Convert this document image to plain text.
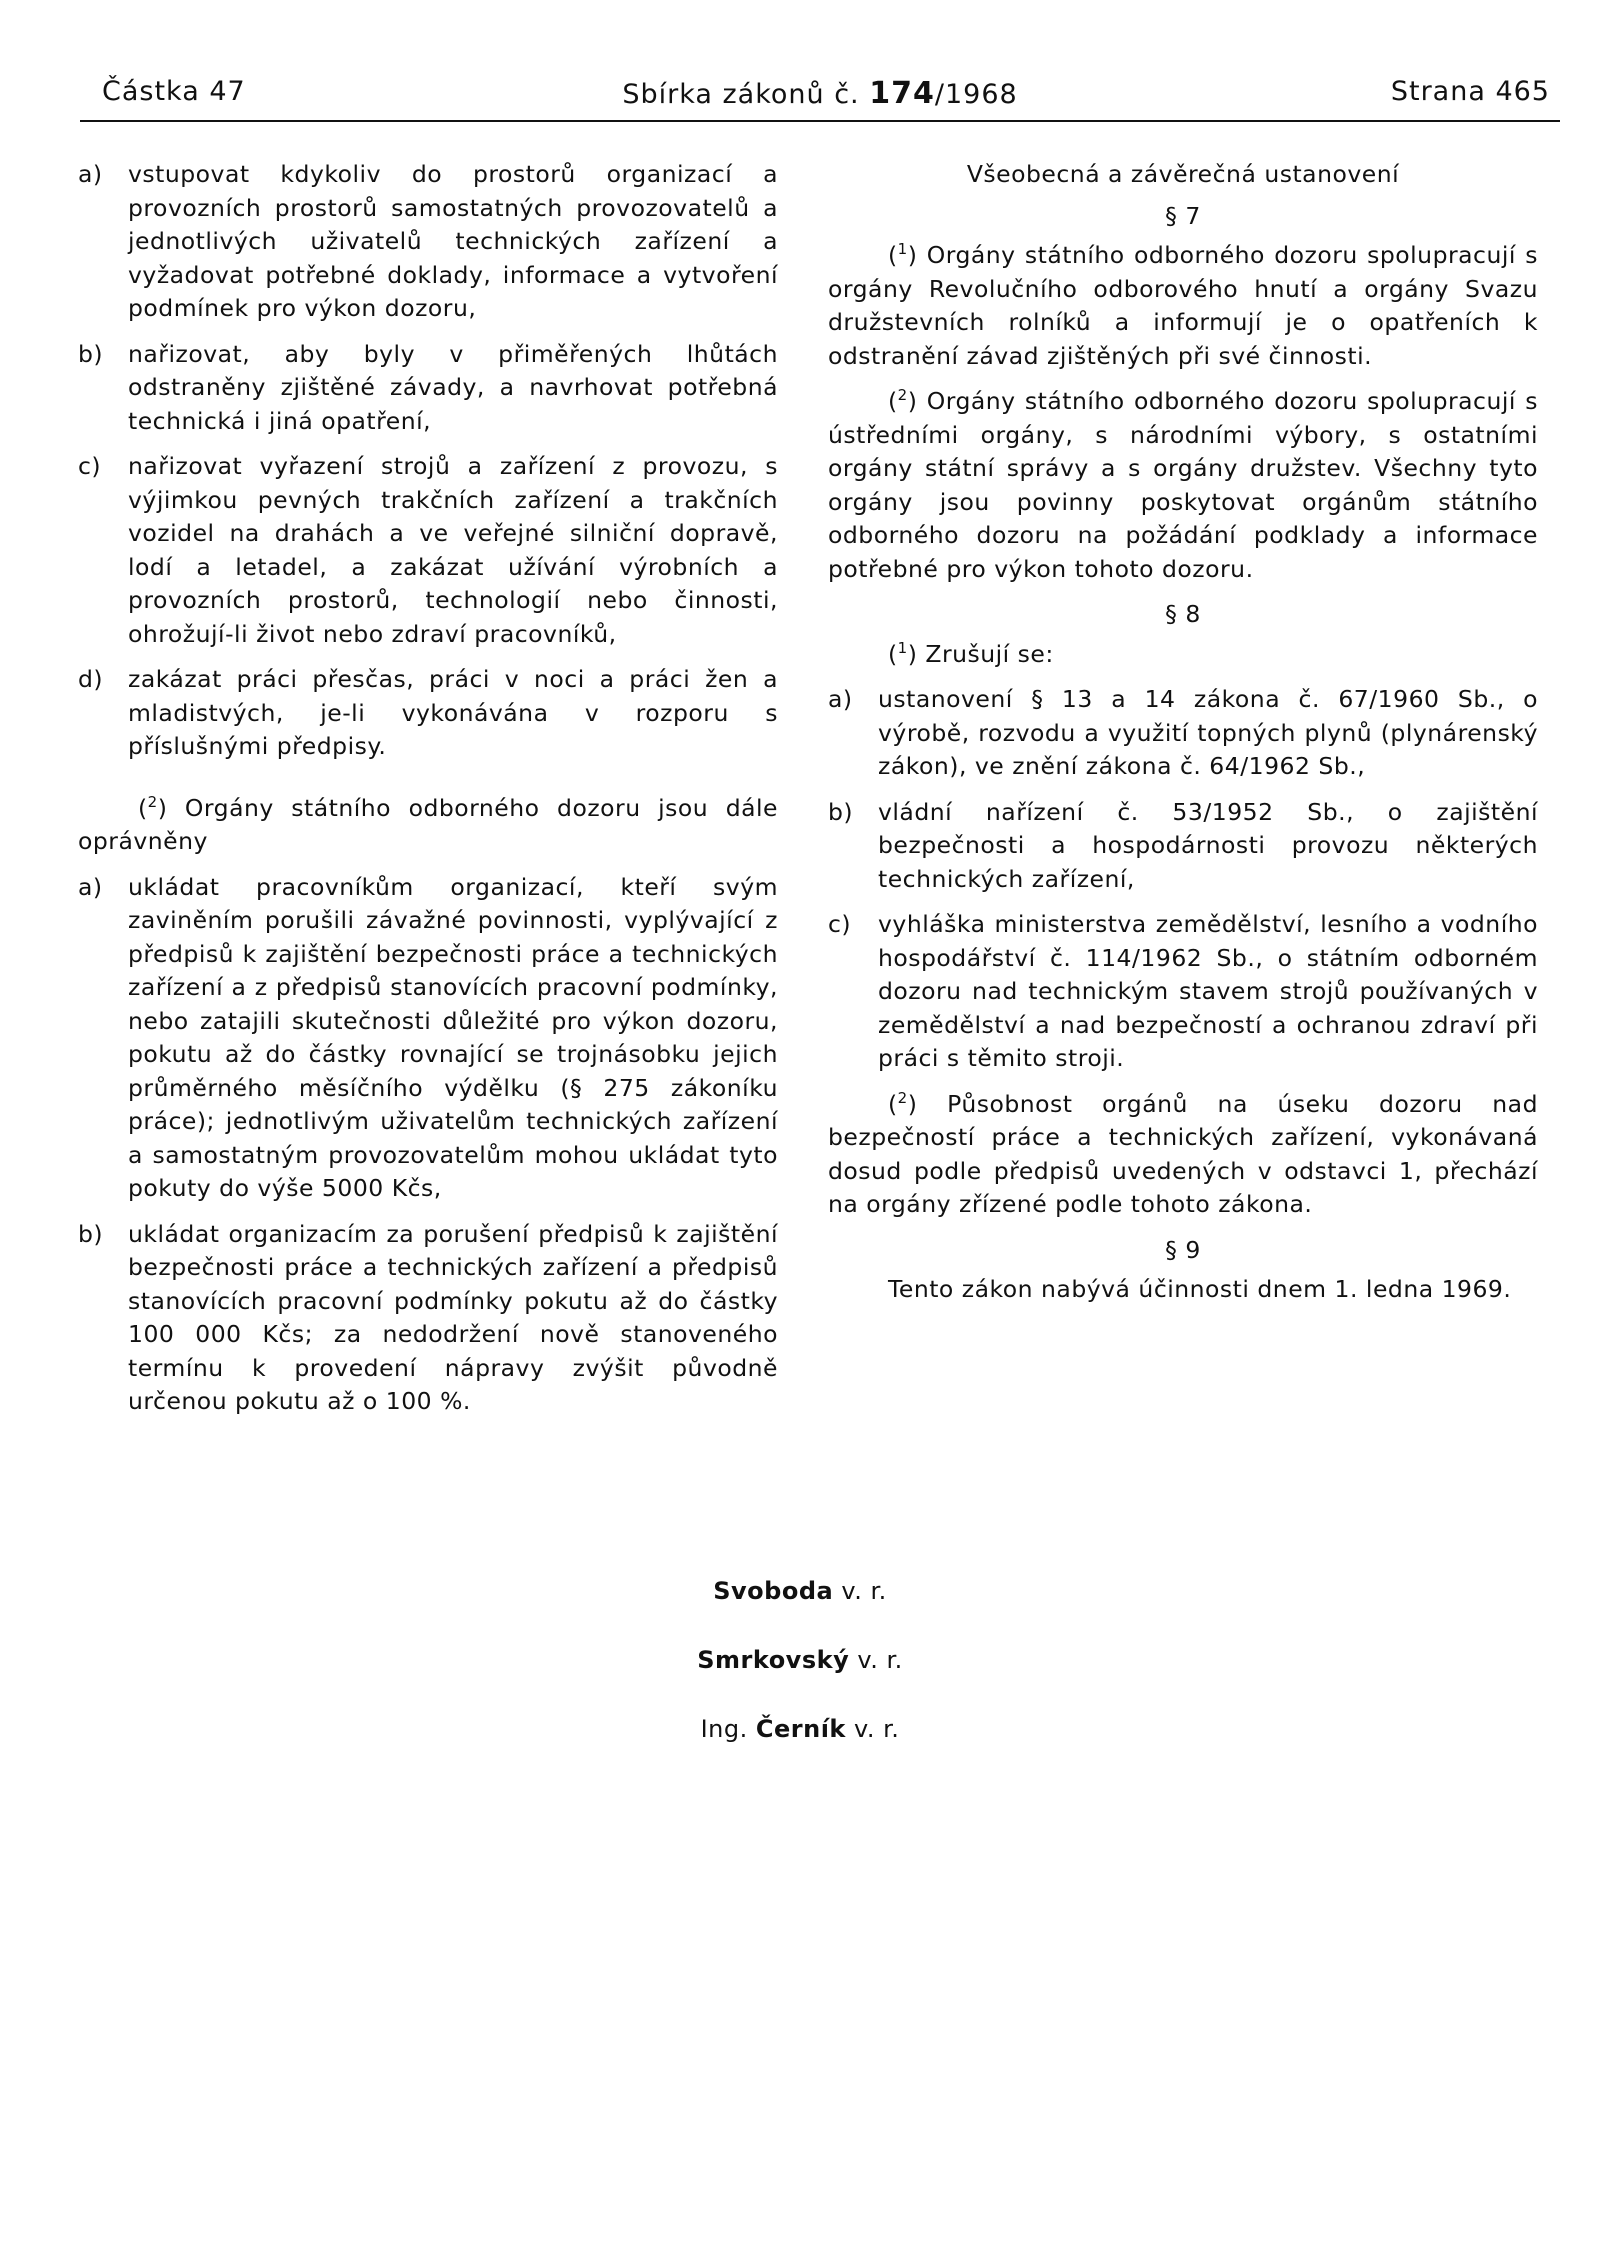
Částka 47	Sbírka zákonů č. 174/1968	Strana 465
a)	vstupovat kdykoliv do prostorů organizací a provozních prostorů samostatných provozovatelů a jednotlivých uživatelů technických zařízení a vyžadovat potřebné doklady, informace a vytvoření podmínek pro výkon dozoru,
b)	nařizovat, aby byly v přiměřených lhůtách odstraněny zjištěné závady, a navrhovat potřebná technická i jiná opatření,
c)	nařizovat vyřazení strojů a zařízení z provozu, s výjimkou pevných trakčních zařízení a trakčních vozidel na drahách a ve veřejné silniční dopravě, lodí a letadel, a zakázat užívání výrobních a provozních prostorů, technologií nebo činnosti, ohrožují-li život nebo zdraví pracovníků,
d)	zakázat práci přesčas, práci v noci a práci žen a mladistvých, je-li vykonávána v rozporu s příslušnými předpisy.

($^2$) Orgány státního odborného dozoru jsou dále oprávněny

a)	ukládat pracovníkům organizací, kteří svým zaviněním porušili závažné povinnosti, vyplývající z předpisů k zajištění bezpečnosti práce a technických zařízení a z předpisů stanovících pracovní podmínky, nebo zatajili skutečnosti důležité pro výkon dozoru, pokutu až do částky rovnající se trojnásobku jejich průměrného měsíčního výdělku (§ 275 zákoníku práce); jednotlivým uživatelům technických zařízení a samostatným provozovatelům mohou ukládat tyto pokuty do výše 5000 Kčs,
b)	ukládat organizacím za porušení předpisů k zajištění bezpečnosti práce a technických zařízení a předpisů stanovících pracovní podmínky pokutu až do částky 100 000 Kčs; za nedodržení nově stanoveného termínu k provedení nápravy zvýšit původně určenou pokutu až o 100 %.
Všeobecná a závěrečná ustanovení
§ 7

($^1$) Orgány státního odborného dozoru spolupracují s orgány Revolučního odborového hnutí a orgány Svazu družstevních rolníků a informují je o opatřeních k odstranění závad zjištěných při své činnosti.

($^2$) Orgány státního odborného dozoru spolupracují s ústředními orgány, s národními výbory, s ostatními orgány státní správy a s orgány družstev. Všechny tyto orgány jsou povinny poskytovat orgánům státního odborného dozoru na požádání podklady a informace potřebné pro výkon tohoto dozoru.

§ 8

($^1$) Zrušují se:

a)	ustanovení § 13 a 14 zákona č. 67/1960 Sb., o výrobě, rozvodu a využití topných plynů (plynárenský zákon), ve znění zákona č. 64/1962 Sb.,
b)	vládní nařízení č. 53/1952 Sb., o zajištění bezpečnosti a hospodárnosti provozu některých technických zařízení,
c)	vyhláška ministerstva zemědělství, lesního a vodního hospodářství č. 114/1962 Sb., o státním odborném dozoru nad technickým stavem strojů používaných v zemědělství a nad bezpečností a ochranou zdraví při práci s těmito stroji.

($^2$) Působnost orgánů na úseku dozoru nad bezpečností práce a technických zařízení, vykonávaná dosud podle předpisů uvedených v odstavci 1, přechází na orgány zřízené podle tohoto zákona.

§ 9

Tento zákon nabývá účinnosti dnem 1. ledna 1969.

Svoboda v. r.
Smrkovský v. r.
Ing. Černík v. r.
